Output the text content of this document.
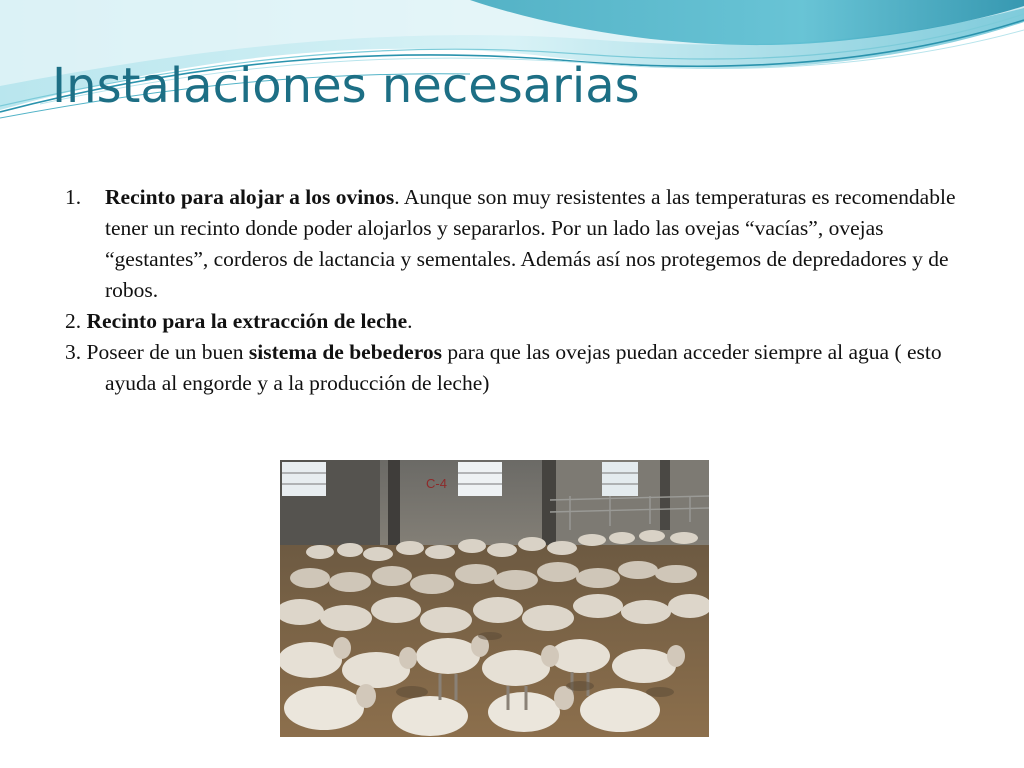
Instalaciones necesarias
1. Recinto para alojar a los ovinos. Aunque son muy resistentes a las temperaturas es recomendable tener un recinto donde poder alojarlos y separarlos. Por un lado las ovejas “vacías”, ovejas “gestantes”, corderos de lactancia y sementales. Además así nos protegemos de depredadores y de robos.
2. Recinto para la extracción de leche.
3. Poseer de un buen sistema de bebederos para que las ovejas puedan acceder siempre al agua ( esto ayuda al engorde y a la producción de leche)
C-4
